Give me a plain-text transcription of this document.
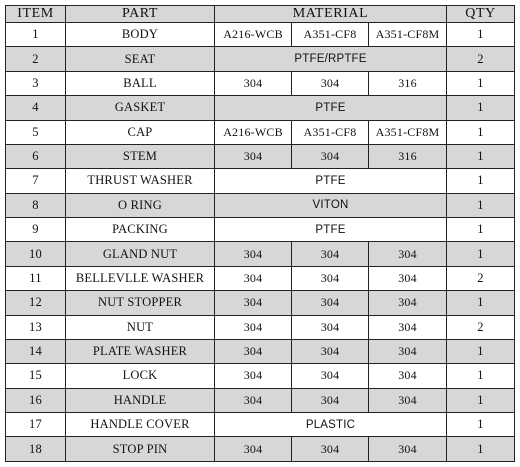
ITEM	PART	MATERIAL			QTY
1	BODY	A216-WCB	A351-CF8	A351-CF8M	1
2	SEAT	PTFE/RPTFE			2
3	BALL	304	304	316	1
4	GASKET	PTFE			1
5	CAP	A216-WCB	A351-CF8	A351-CF8M	1
6	STEM	304	304	316	1
7	THRUST WASHER	PTFE			1
8	O RING	VITON			1
9	PACKING	PTFE			1
10	GLAND NUT	304	304	304	1
11	BELLEVLLE WASHER	304	304	304	2
12	NUT STOPPER	304	304	304	1
13	NUT	304	304	304	2
14	PLATE WASHER	304	304	304	1
15	LOCK	304	304	304	1
16	HANDLE	304	304	304	1
17	HANDLE COVER	PLASTIC			1
18	STOP PIN	304	304	304	1
